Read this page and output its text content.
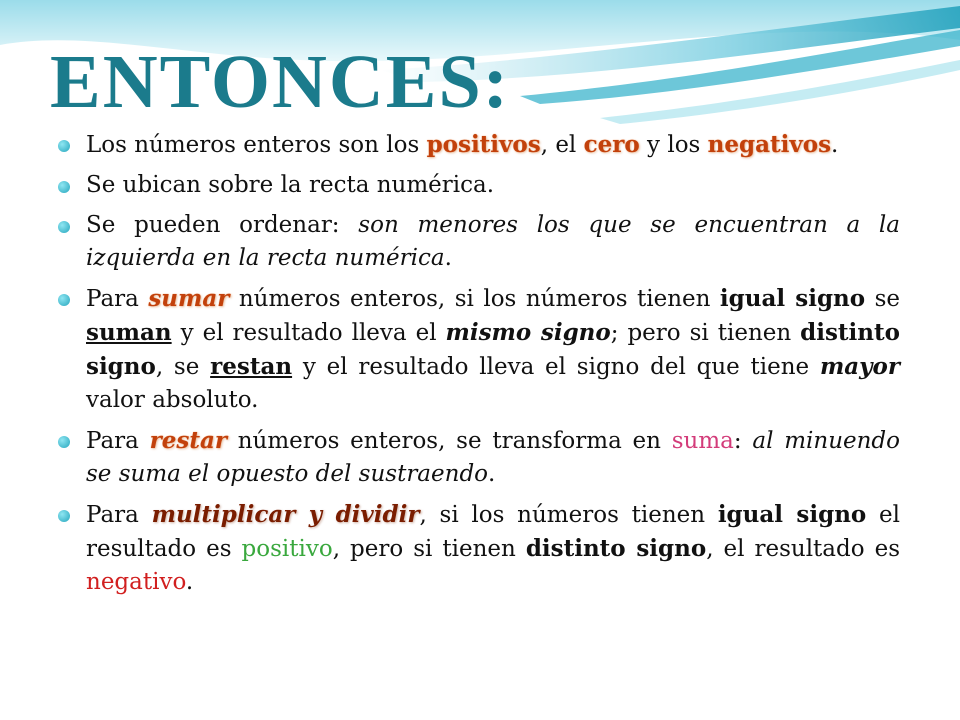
ENTONCES:
Los números enteros son los positivos, el cero y los negativos.
Se ubican sobre la recta numérica.
Se pueden ordenar: son menores los que se encuentran a la izquierda en la recta numérica.
Para sumar números enteros, si los números tienen igual signo se suman y el resultado lleva el mismo signo; pero si tienen distinto signo, se restan y el resultado lleva el signo del que tiene mayor valor absoluto.
Para restar números enteros, se transforma en suma: al minuendo se suma el opuesto del sustraendo.
Para multiplicar y dividir, si los números tienen igual signo el resultado es positivo, pero si tienen distinto signo, el resultado es negativo.
